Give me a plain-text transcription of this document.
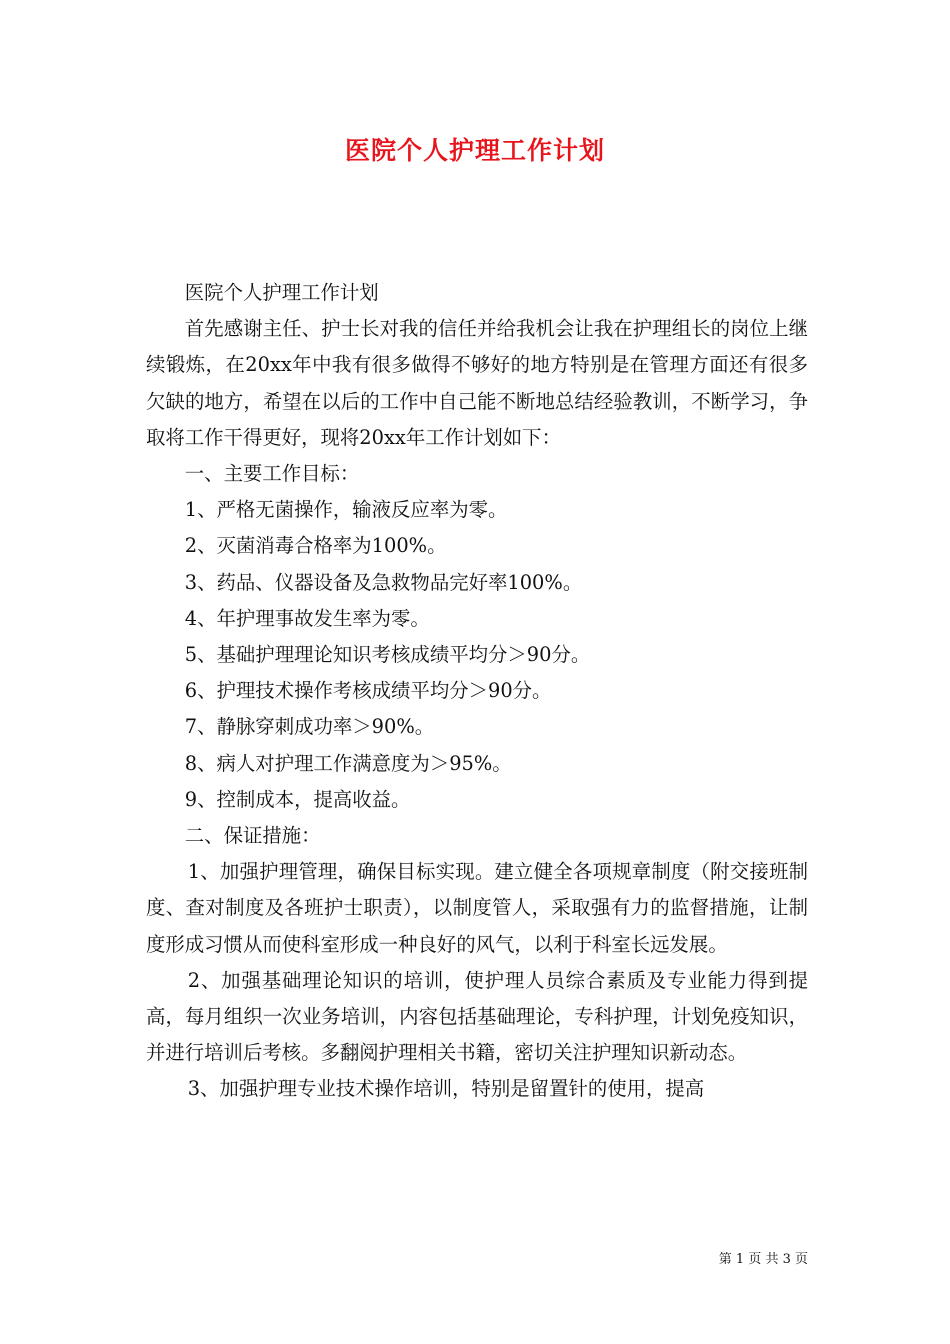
医院个人护理工作计划

医院个人护理工作计划

首先感谢主任、护士长对我的信任并给我机会让我在护理组长的岗位上继续锻炼，在20xx年中我有很多做得不够好的地方特别是在管理方面还有很多欠缺的地方，希望在以后的工作中自己能不断地总结经验教训，不断学习，争取将工作干得更好，现将20xx年工作计划如下：

一、主要工作目标：

1、严格无菌操作，输液反应率为零。

2、灭菌消毒合格率为100%。

3、药品、仪器设备及急救物品完好率100%。

4、年护理事故发生率为零。

5、基础护理理论知识考核成绩平均分＞90分。

6、护理技术操作考核成绩平均分＞90分。

7、静脉穿刺成功率＞90%。

8、病人对护理工作满意度为＞95%。

9、控制成本，提高收益。

二、保证措施：

1、加强护理管理，确保目标实现。建立健全各项规章制度（附交接班制度、查对制度及各班护士职责），以制度管人，采取强有力的监督措施，让制度形成习惯从而使科室形成一种良好的风气，以利于科室长远发展。

2、加强基础理论知识的培训，使护理人员综合素质及专业能力得到提高，每月组织一次业务培训，内容包括基础理论，专科护理，计划免疫知识，并进行培训后考核。多翻阅护理相关书籍，密切关注护理知识新动态。

3、加强护理专业技术操作培训，特别是留置针的使用，提高

第 1 页 共 3 页
